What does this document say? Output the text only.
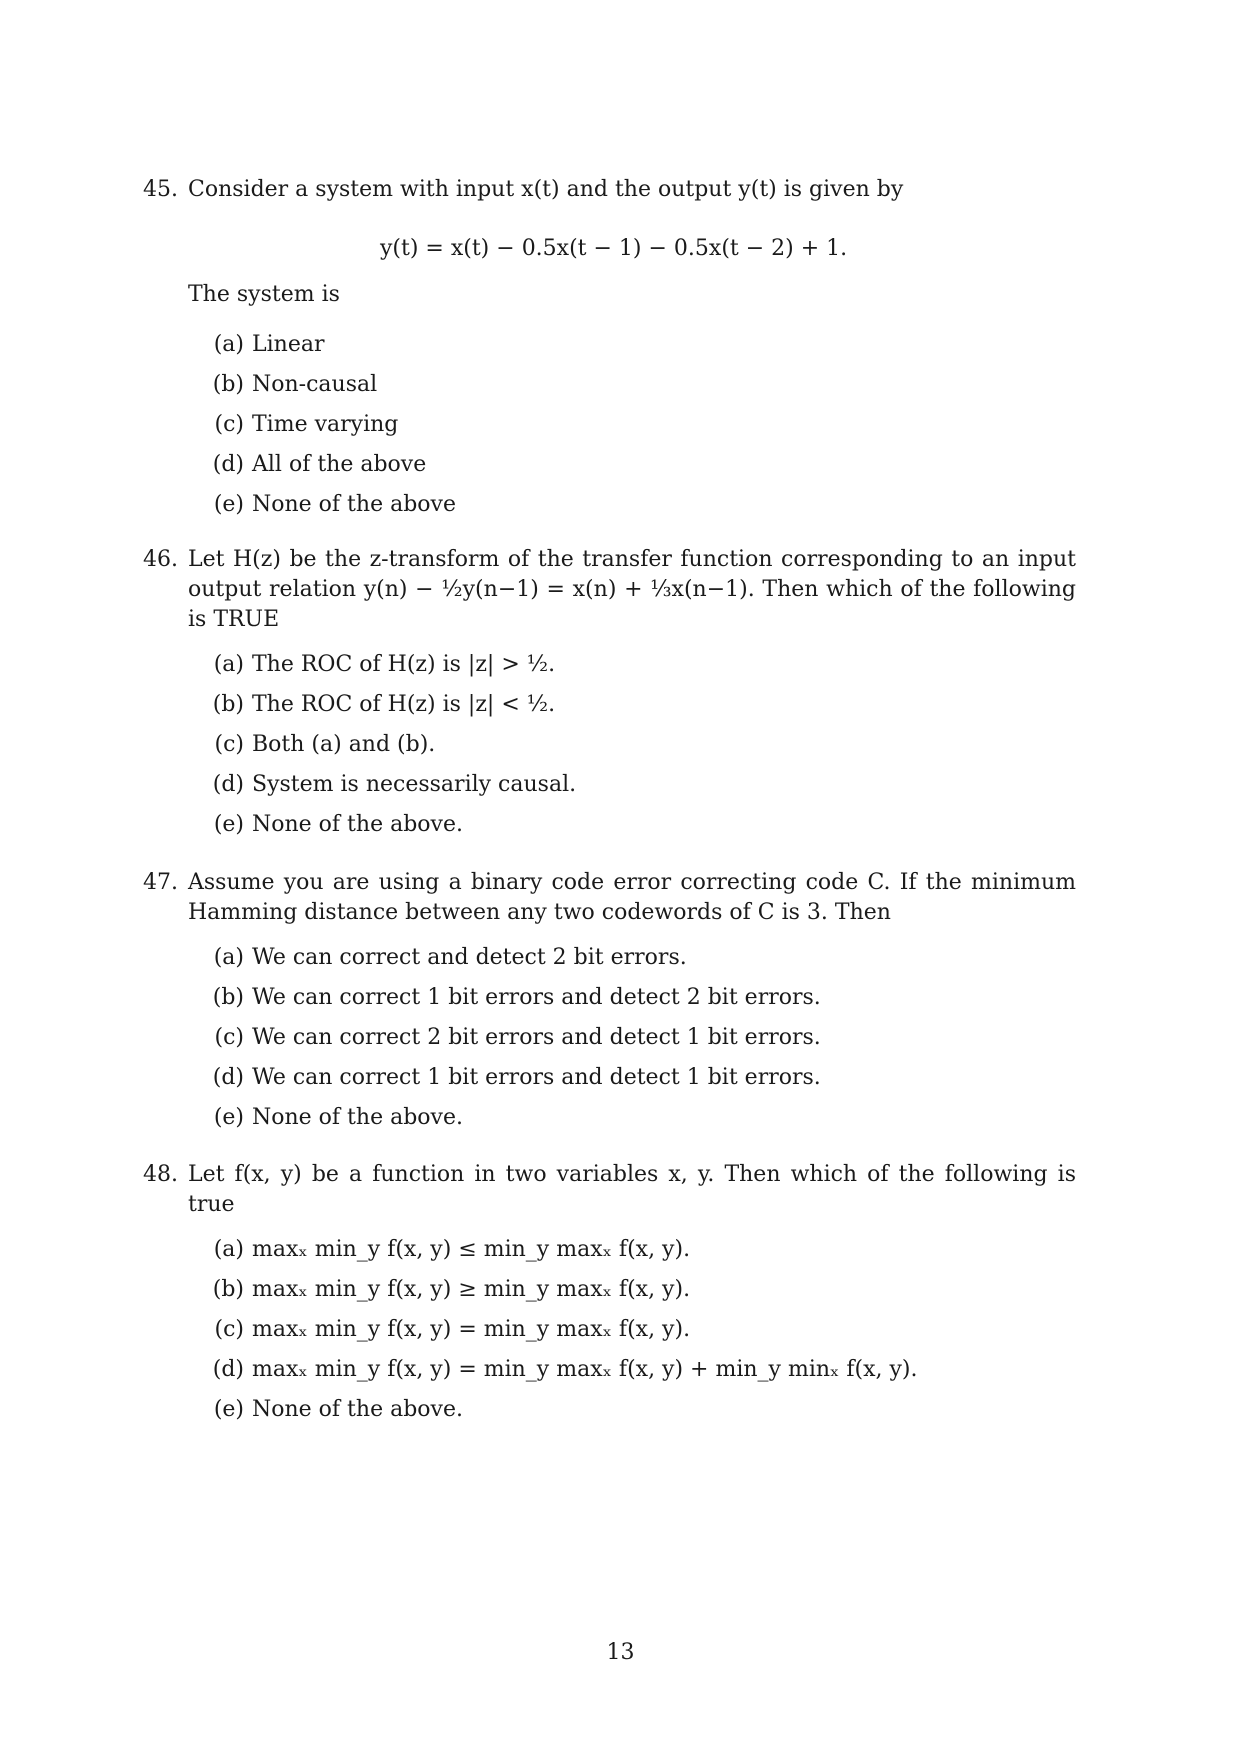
45. Consider a system with input x(t) and the output y(t) is given by
y(t) = x(t) − 0.5x(t − 1) − 0.5x(t − 2) + 1.
The system is
(a) Linear
(b) Non-causal
(c) Time varying
(d) All of the above
(e) None of the above
46. Let H(z) be the z-transform of the transfer function corresponding to an input output relation y(n) − ½y(n−1) = x(n) + ⅓x(n−1). Then which of the following is TRUE
(a) The ROC of H(z) is |z| > ½.
(b) The ROC of H(z) is |z| < ½.
(c) Both (a) and (b).
(d) System is necessarily causal.
(e) None of the above.
47. Assume you are using a binary code error correcting code C. If the minimum Hamming distance between any two codewords of C is 3. Then
(a) We can correct and detect 2 bit errors.
(b) We can correct 1 bit errors and detect 2 bit errors.
(c) We can correct 2 bit errors and detect 1 bit errors.
(d) We can correct 1 bit errors and detect 1 bit errors.
(e) None of the above.
48. Let f(x, y) be a function in two variables x, y. Then which of the following is true
(a) maxₓ min_y f(x, y) ≤ min_y maxₓ f(x, y).
(b) maxₓ min_y f(x, y) ≥ min_y maxₓ f(x, y).
(c) maxₓ min_y f(x, y) = min_y maxₓ f(x, y).
(d) maxₓ min_y f(x, y) = min_y maxₓ f(x, y) + min_y minₓ f(x, y).
(e) None of the above.
13
